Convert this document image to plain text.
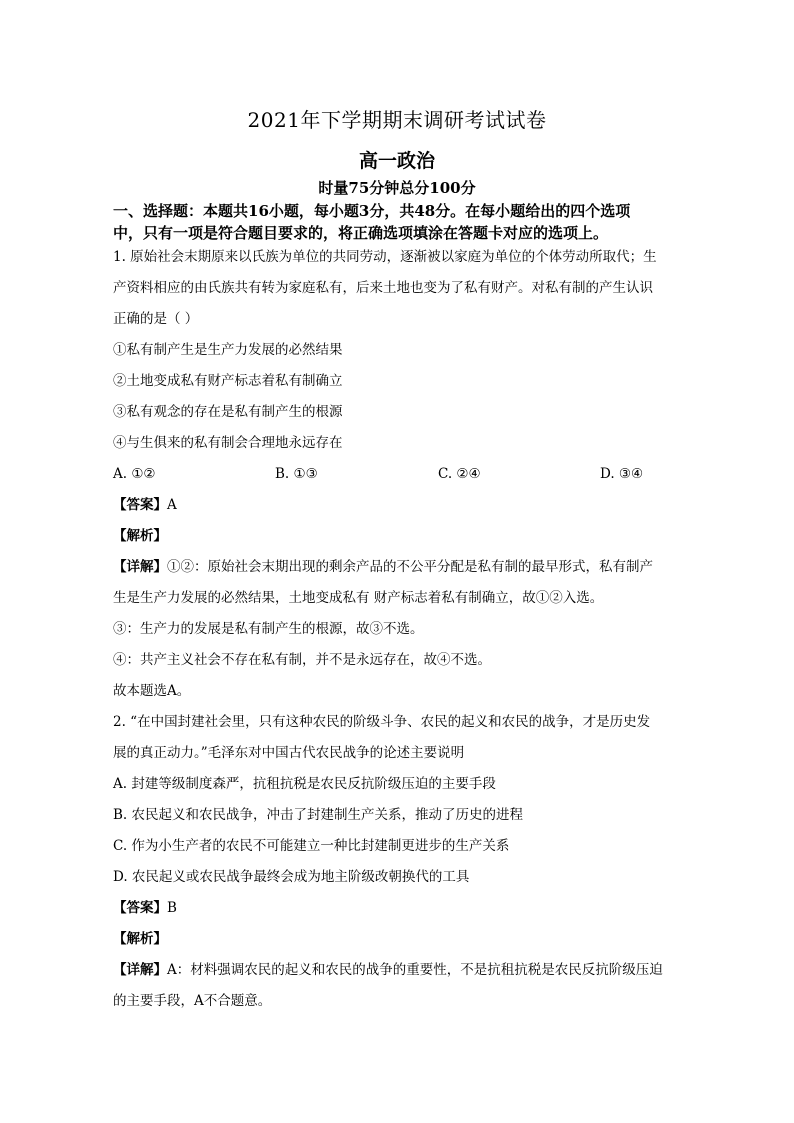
2021年下学期期末调研考试试卷
高一政治
时量75分钟总分100分
一、选择题：本题共16小题，每小题3分，共48分。在每小题给出的四个选项
中，只有一项是符合题目要求的，将正确选项填涂在答题卡对应的选项上。
1. 原始社会末期原来以氏族为单位的共同劳动，逐渐被以家庭为单位的个体劳动所取代；生
产资料相应的由氏族共有转为家庭私有，后来土地也变为了私有财产。对私有制的产生认识
正确的是（ ）
①私有制产生是生产力发展的必然结果
②土地变成私有财产标志着私有制确立
③私有观念的存在是私有制产生的根源
④与生俱来的私有制会合理地永远存在
A. ①②	B. ①③	C. ②④	D. ③④
【答案】A
【解析】
【详解】①②：原始社会末期出现的剩余产品的不公平分配是私有制的最早形式，私有制产
生是生产力发展的必然结果，土地变成私有 财产标志着私有制确立，故①②入选。
③：生产力的发展是私有制产生的根源，故③不选。
④：共产主义社会不存在私有制，并不是永远存在，故④不选。
故本题选A。
2. “在中国封建社会里，只有这种农民的阶级斗争、农民的起义和农民的战争，才是历史发
展的真正动力。”毛泽东对中国古代农民战争的论述主要说明
A. 封建等级制度森严，抗租抗税是农民反抗阶级压迫的主要手段
B. 农民起义和农民战争，冲击了封建制生产关系，推动了历史的进程
C. 作为小生产者的农民不可能建立一种比封建制更进步的生产关系
D. 农民起义或农民战争最终会成为地主阶级改朝换代的工具
【答案】B
【解析】
【详解】A：材料强调农民的起义和农民的战争的重要性，不是抗租抗税是农民反抗阶级压迫
的主要手段，A不合题意。
